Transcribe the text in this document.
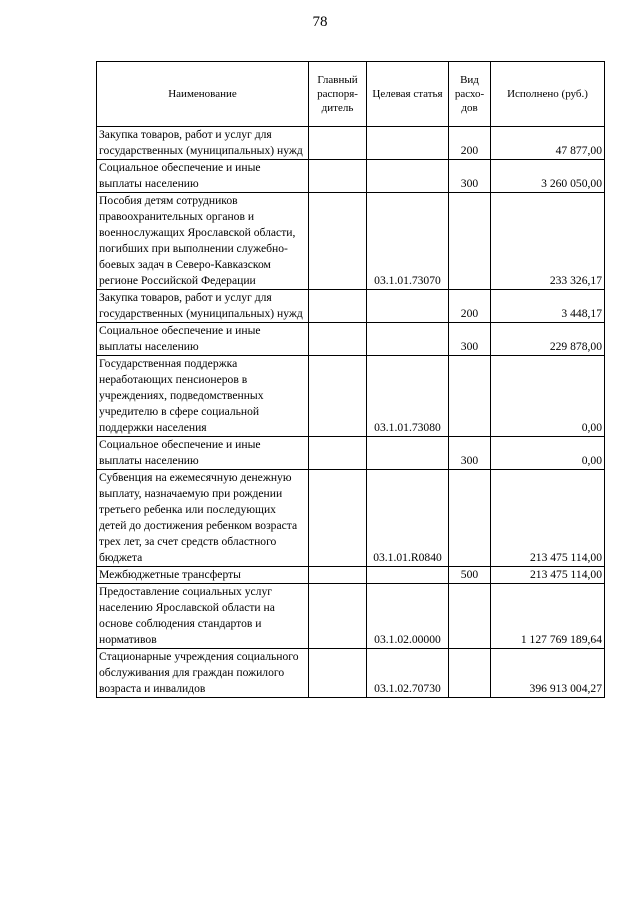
78
Наименование	Главный распоря-дитель	Целевая статья	Вид расхо-дов	Исполнено (руб.)
Закупка товаров, работ и услуг для государственных (муниципальных) нужд			200	47 877,00
Социальное обеспечение и иные выплаты населению			300	3 260 050,00
Пособия детям сотрудников правоохранительных органов и военнослужащих Ярославской области, погибших при выполнении служебно-боевых задач в Северо-Кавказском регионе Российской Федерации		03.1.01.73070		233 326,17
Закупка товаров, работ и услуг для государственных (муниципальных) нужд			200	3 448,17
Социальное обеспечение и иные выплаты населению			300	229 878,00
Государственная поддержка неработающих пенсионеров в учреждениях, подведомственных учредителю в сфере социальной поддержки населения		03.1.01.73080		0,00
Социальное обеспечение и иные выплаты населению			300	0,00
Субвенция на ежемесячную денежную выплату, назначаемую при рождении третьего ребенка или последующих детей до достижения ребенком возраста трех лет, за счет средств областного бюджета		03.1.01.R0840		213 475 114,00
Межбюджетные трансферты			500	213 475 114,00
Предоставление социальных услуг населению Ярославской области на основе соблюдения стандартов и нормативов		03.1.02.00000		1 127 769 189,64
Стационарные учреждения социального обслуживания для граждан пожилого возраста и инвалидов		03.1.02.70730		396 913 004,27
